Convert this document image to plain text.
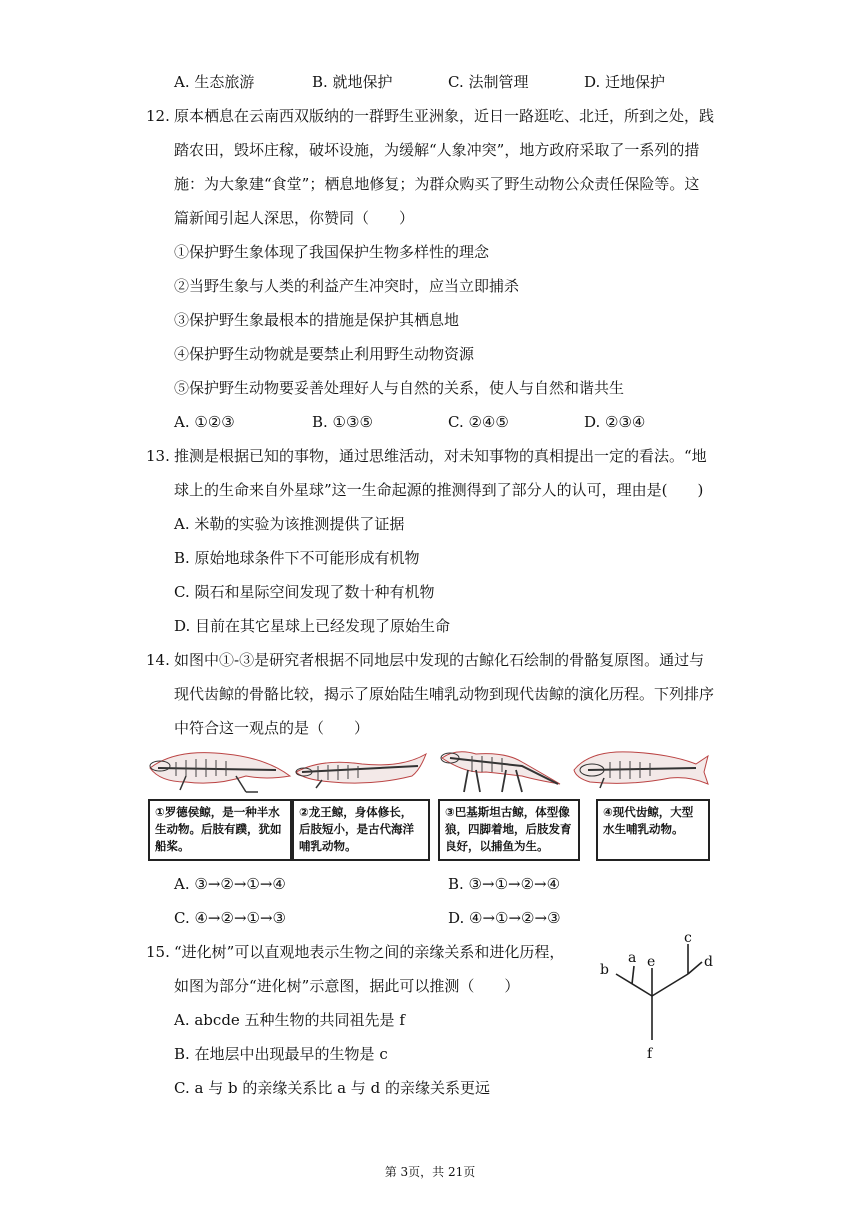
A. 生态旅游	B. 就地保护	C. 法制管理	D. 迁地保护
12. 原本栖息在云南西双版纳的一群野生亚洲象，近日一路逛吃、北迁，所到之处，践
踏农田，毁坏庄稼，破坏设施，为缓解“人象冲突”，地方政府采取了一系列的措
施：为大象建“食堂”；栖息地修复；为群众购买了野生动物公众责任保险等。这
篇新闻引起人深思，你赞同（　　）
①保护野生象体现了我国保护生物多样性的理念
②当野生象与人类的利益产生冲突时，应当立即捕杀
③保护野生象最根本的措施是保护其栖息地
④保护野生动物就是要禁止利用野生动物资源
⑤保护野生动物要妥善处理好人与自然的关系，使人与自然和谐共生
A. ①②③	B. ①③⑤	C. ②④⑤	D. ②③④
13. 推测是根据已知的事物，通过思维活动，对未知事物的真相提出一定的看法。“地
球上的生命来自外星球”这一生命起源的推测得到了部分人的认可，理由是(　　)
A. 米勒的实验为该推测提供了证据
B. 原始地球条件下不可能形成有机物
C. 陨石和星际空间发现了数十种有机物
D. 目前在其它星球上已经发现了原始生命
14. 如图中①-③是研究者根据不同地层中发现的古鲸化石绘制的骨骼复原图。通过与
现代齿鲸的骨骼比较，揭示了原始陆生哺乳动物到现代齿鲸的演化历程。下列排序
中符合这一观点的是（　　）
①罗德侯鲸，是一种半水生动物。后肢有蹼，犹如船桨。
②龙王鲸，身体修长，后肢短小，是古代海洋哺乳动物。
③巴基斯坦古鲸，体型像狼，四脚着地，后肢发育良好，以捕鱼为生。
④现代齿鲸，大型水生哺乳动物。
A. ③→②→①→④	B. ③→①→②→④
C. ④→②→①→③	D. ④→①→②→③
15. “进化树”可以直观地表示生物之间的亲缘关系和进化历程，
如图为部分“进化树”示意图，据此可以推测（　　）
A. abcde 五种生物的共同祖先是 f
B. 在地层中出现最早的生物是 c
C. a 与 b 的亲缘关系比 a 与 d 的亲缘关系更远
b
a e
c
d
f
第 3页，共 21页
